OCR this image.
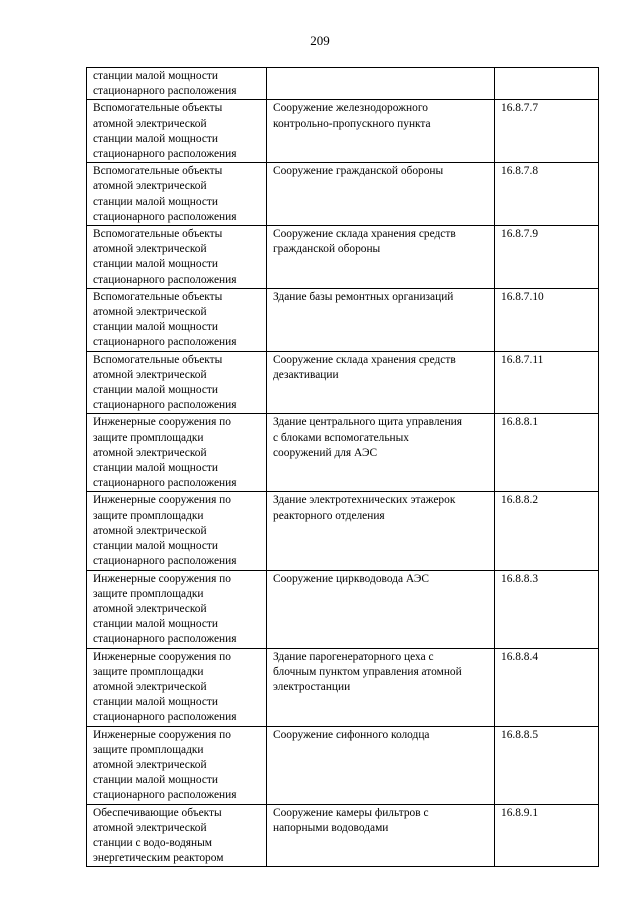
209
станции малой мощности
стационарного расположения		

Вспомогательные объекты
атомной электрической
станции малой мощности
стационарного расположения	Сооружение железнодорожного
контрольно-пропускного пункта	16.8.7.7

Вспомогательные объекты
атомной электрической
станции малой мощности
стационарного расположения	Сооружение гражданской обороны	16.8.7.8

Вспомогательные объекты
атомной электрической
станции малой мощности
стационарного расположения	Сооружение склада хранения средств
гражданской обороны	16.8.7.9

Вспомогательные объекты
атомной электрической
станции малой мощности
стационарного расположения	Здание базы ремонтных организаций	16.8.7.10

Вспомогательные объекты
атомной электрической
станции малой мощности
стационарного расположения	Сооружение склада хранения средств
дезактивации	16.8.7.11

Инженерные сооружения по
защите промплощадки
атомной электрической
станции малой мощности
стационарного расположения	Здание центрального щита управления
с блоками вспомогательных
сооружений для АЭС	16.8.8.1

Инженерные сооружения по
защите промплощадки
атомной электрической
станции малой мощности
стационарного расположения	Здание электротехнических этажерок
реакторного отделения	16.8.8.2

Инженерные сооружения по
защите промплощадки
атомной электрической
станции малой мощности
стационарного расположения	Сооружение циркводовода АЭС	16.8.8.3

Инженерные сооружения по
защите промплощадки
атомной электрической
станции малой мощности
стационарного расположения	Здание парогенераторного цеха с
блочным пунктом управления атомной
электростанции	16.8.8.4

Инженерные сооружения по
защите промплощадки
атомной электрической
станции малой мощности
стационарного расположения	Сооружение сифонного колодца	16.8.8.5

Обеспечивающие объекты
атомной электрической
станции с водо-водяным
энергетическим реактором	Сооружение камеры фильтров с
напорными водоводами	16.8.9.1
